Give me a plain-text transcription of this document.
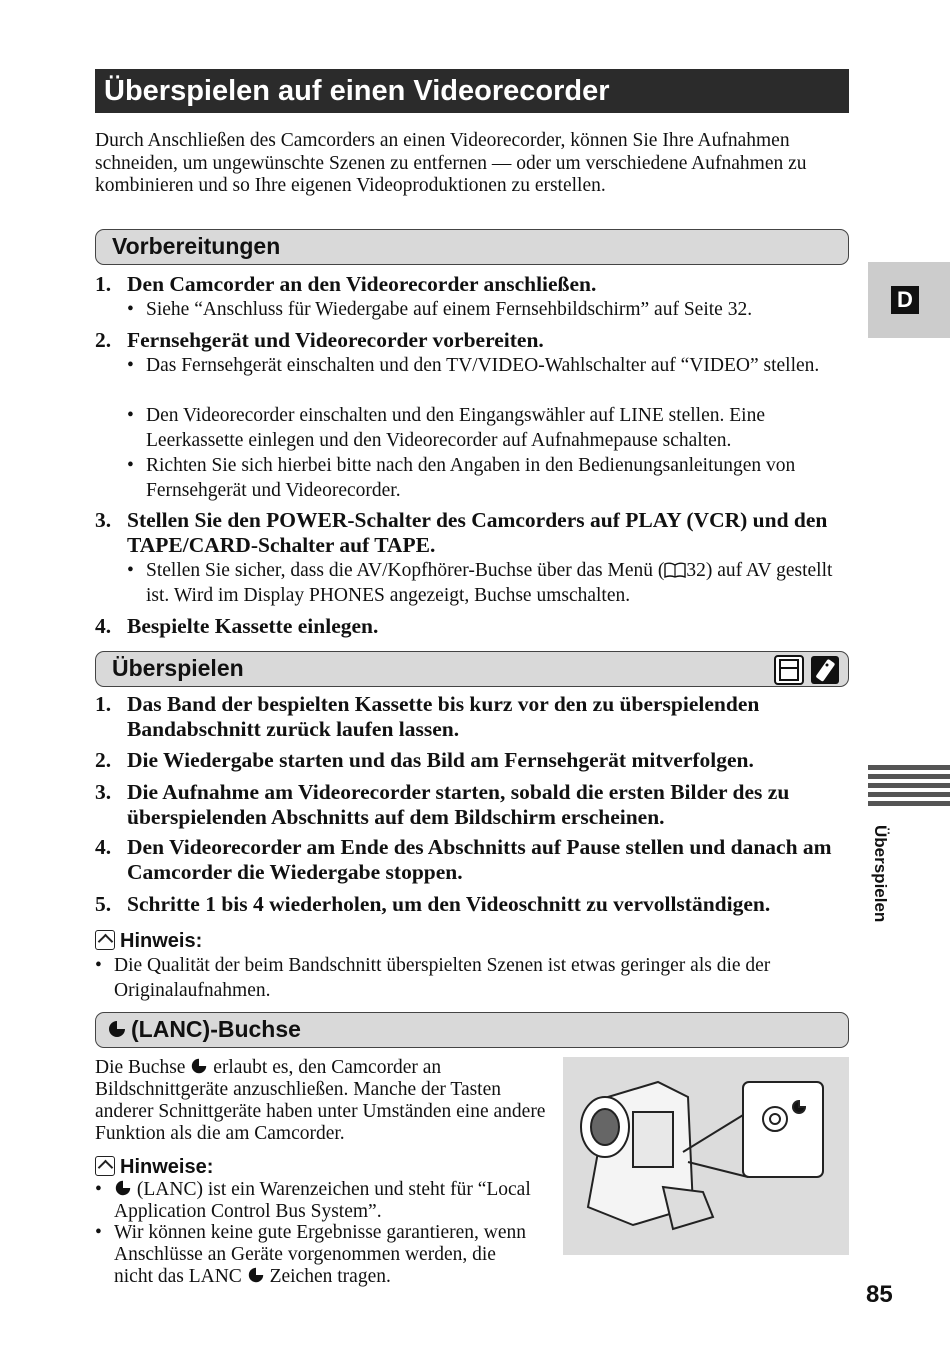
Überspielen auf einen Videorecorder
Durch Anschließen des Camcorders an einen Videorecorder, können Sie Ihre Aufnahmen schneiden, um ungewünschte Szenen zu entfernen — oder um verschiedene Aufnahmen zu kombinieren und so Ihre eigenen Videoproduktionen zu erstellen.
Vorbereitungen
1. Den Camcorder an den Videorecorder anschließen.
• Siehe “Anschluss für Wiedergabe auf einem Fernsehbildschirm” auf Seite 32.
2. Fernsehgerät und Videorecorder vorbereiten.
• Das Fernsehgerät einschalten und den TV/VIDEO-Wahlschalter auf “VIDEO” stellen.
• Den Videorecorder einschalten und den Eingangswähler auf LINE stellen. Eine Leerkassette einlegen und den Videorecorder auf Aufnahmepause schalten.
• Richten Sie sich hierbei bitte nach den Angaben in den Bedienungsanleitungen von Fernsehgerät und Videorecorder.
3. Stellen Sie den POWER-Schalter des Camcorders auf PLAY (VCR) und den TAPE/CARD-Schalter auf TAPE.
• Stellen Sie sicher, dass die AV/Kopfhörer-Buchse über das Menü ( 32) auf AV gestellt ist. Wird im Display PHONES angezeigt, Buchse umschalten.
4. Bespielte Kassette einlegen.
Überspielen

1. Das Band der bespielten Kassette bis kurz vor den zu überspielenden Bandabschnitt zurück laufen lassen.
2. Die Wiedergabe starten und das Bild am Fernsehgerät mitverfolgen.
3. Die Aufnahme am Videorecorder starten, sobald die ersten Bilder des zu überspielenden Abschnitts auf dem Bildschirm erscheinen.
4. Den Videorecorder am Ende des Abschnitts auf Pause stellen und danach am Camcorder die Wiedergabe stoppen.
5. Schritte 1 bis 4 wiederholen, um den Videoschnitt zu vervollständigen.
Hinweis:
• Die Qualität der beim Bandschnitt überspielten Szenen ist etwas geringer als die der Originalaufnahmen.
(LANC)-Buchse
Die Buchse erlaubt es, den Camcorder an Bildschnittgeräte anzuschließen. Manche der Tasten anderer Schnittgeräte haben unter Umständen eine andere Funktion als die am Camcorder.
Hinweise:
•	(LANC) ist ein Warenzeichen und steht für “Local Application Control Bus System”.
• Wir können keine gute Ergebnisse garantieren, wenn Anschlüsse an Geräte vorgenommen werden, die nicht das LANC Zeichen tragen.
D
Überspielen
85
